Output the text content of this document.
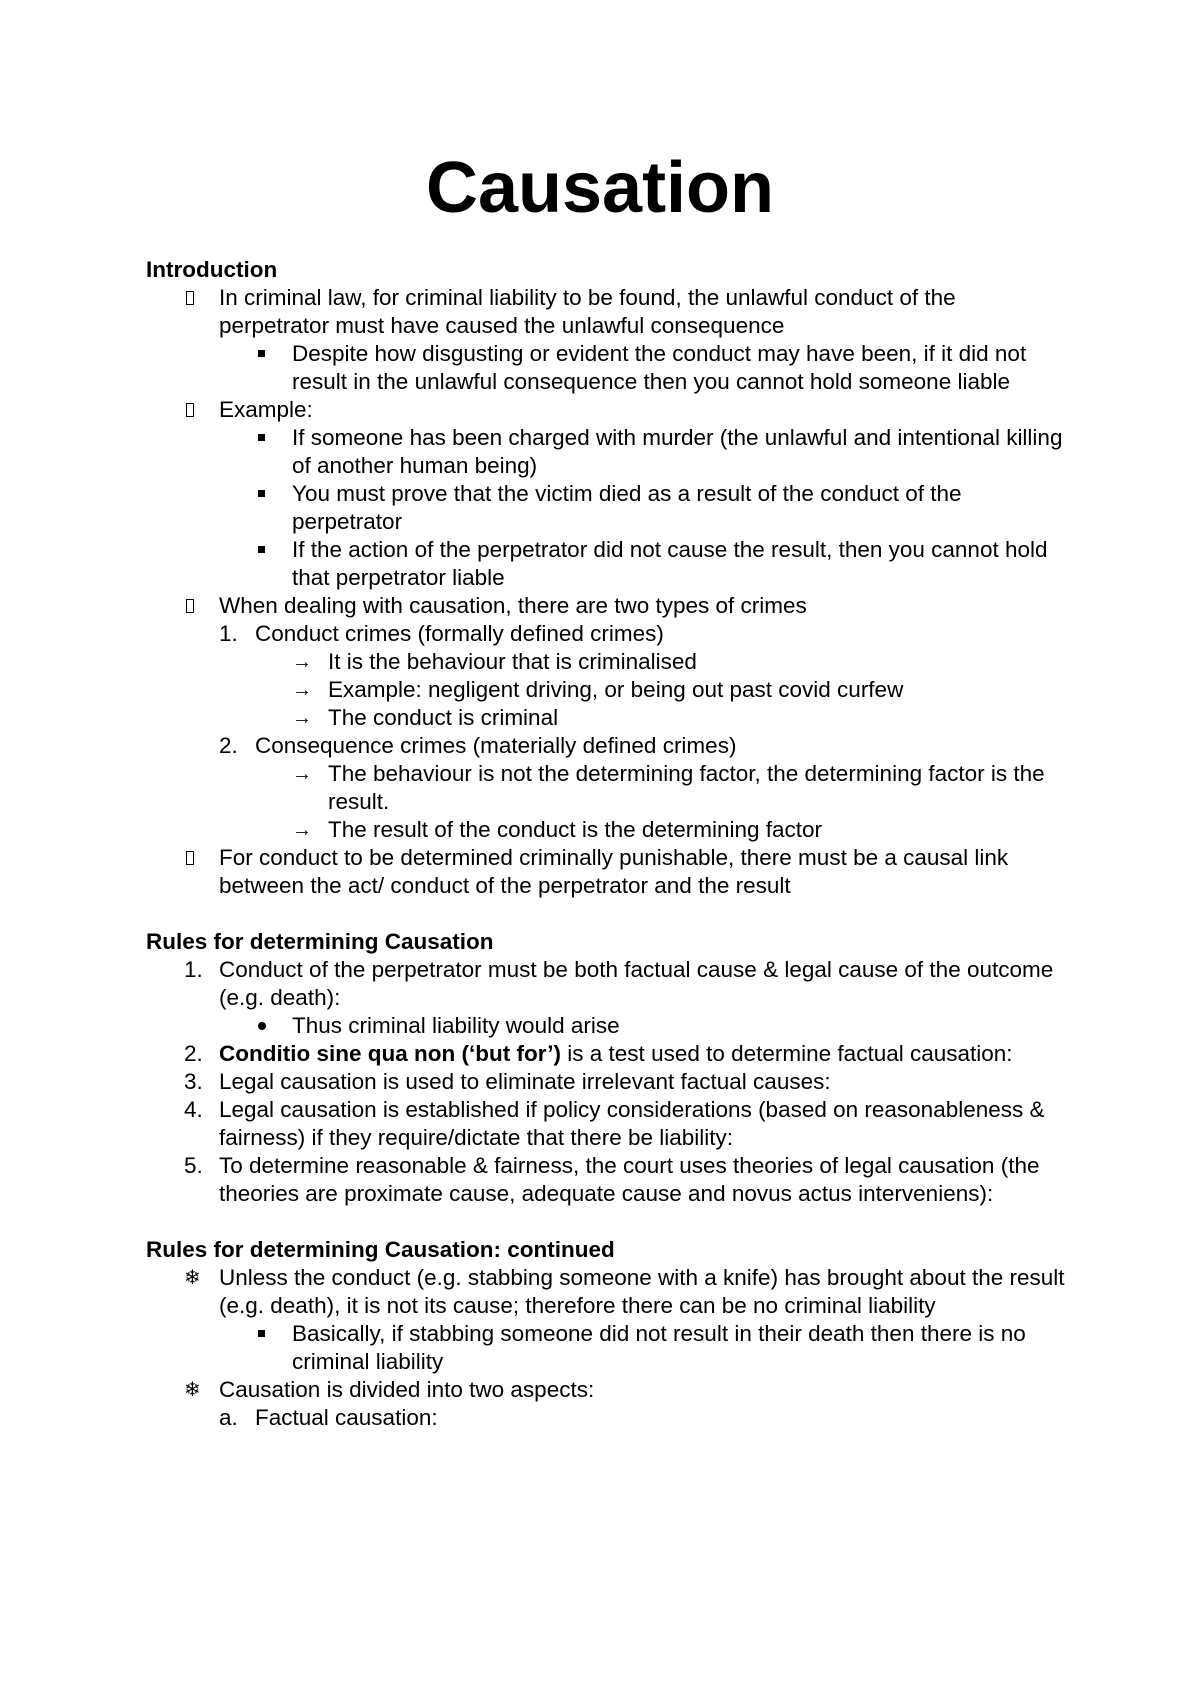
Causation

Introduction

In criminal law, for criminal liability to be found, the unlawful conduct of the perpetrator must have caused the unlawful consequence

Despite how disgusting or evident the conduct may have been, if it did not result in the unlawful consequence then you cannot hold someone liable

Example:

If someone has been charged with murder (the unlawful and intentional killing of another human being)

You must prove that the victim died as a result of the conduct of the perpetrator

If the action of the perpetrator did not cause the result, then you cannot hold that perpetrator liable

When dealing with causation, there are two types of crimes

1. Conduct crimes (formally defined crimes)

→ It is the behaviour that is criminalised

→ Example: negligent driving, or being out past covid curfew

→ The conduct is criminal

2. Consequence crimes (materially defined crimes)

→ The behaviour is not the determining factor, the determining factor is the result.

→ The result of the conduct is the determining factor

For conduct to be determined criminally punishable, there must be a causal link between the act/ conduct of the perpetrator and the result

Rules for determining Causation

1. Conduct of the perpetrator must be both factual cause & legal cause of the outcome (e.g. death):

Thus criminal liability would arise

2. Conditio sine qua non (‘but for’) is a test used to determine factual causation:

3. Legal causation is used to eliminate irrelevant factual causes:

4. Legal causation is established if policy considerations (based on reasonableness & fairness) if they require/dictate that there be liability:

5. To determine reasonable & fairness, the court uses theories of legal causation (the theories are proximate cause, adequate cause and novus actus interveniens):

Rules for determining Causation: continued

❄ Unless the conduct (e.g. stabbing someone with a knife) has brought about the result (e.g. death), it is not its cause; therefore there can be no criminal liability

Basically, if stabbing someone did not result in their death then there is no criminal liability

❄ Causation is divided into two aspects:

a. Factual causation:
